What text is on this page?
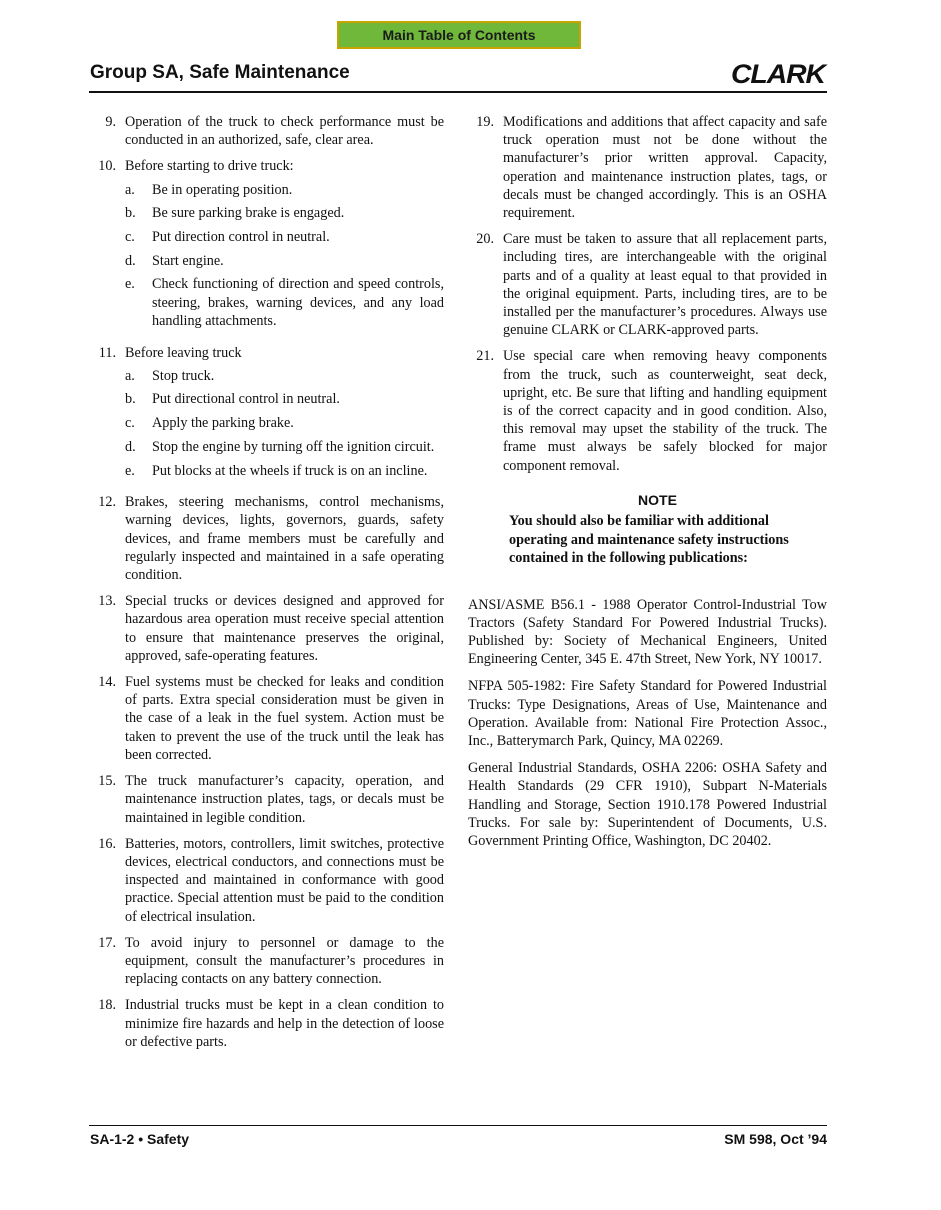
Main Table of Contents
Group SA, Safe Maintenance	CLARK
9. Operation of the truck to check performance must be conducted in an authorized, safe, clear area.
10. Before starting to drive truck:
a.	Be in operating position.
b.	Be sure parking brake is engaged.
c.	Put direction control in neutral.
d.	Start engine.
e.	Check functioning of direction and speed controls, steering, brakes, warning devices, and any load handling attachments.
11. Before leaving truck
a.	Stop truck.
b.	Put directional control in neutral.
c.	Apply the parking brake.
d.	Stop the engine by turning off the ignition circuit.
e.	Put blocks at the wheels if truck is on an incline.
12. Brakes, steering mechanisms, control mechanisms, warning devices, lights, governors, guards, safety devices, and frame members must be carefully and regularly inspected and maintained in a safe operating condition.
13. Special trucks or devices designed and approved for hazardous area operation must receive special attention to ensure that maintenance preserves the original, approved, safe-operating features.
14. Fuel systems must be checked for leaks and condition of parts. Extra special consideration must be given in the case of a leak in the fuel system. Action must be taken to prevent the use of the truck until the leak has been corrected.
15. The truck manufacturer’s capacity, operation, and maintenance instruction plates, tags, or decals must be maintained in legible condition.
16. Batteries, motors, controllers, limit switches, protective devices, electrical conductors, and connections must be inspected and maintained in conformance with good practice. Special attention must be paid to the condition of electrical insulation.
17. To avoid injury to personnel or damage to the equipment, consult the manufacturer’s procedures in replacing contacts on any battery connection.
18. Industrial trucks must be kept in a clean condition to minimize fire hazards and help in the detection of loose or defective parts.
19. Modifications and additions that affect capacity and safe truck operation must not be done without the manufacturer’s prior written approval. Capacity, operation and maintenance instruction plates, tags, or decals must be changed accordingly. This is an OSHA requirement.
20. Care must be taken to assure that all replacement parts, including tires, are interchangeable with the original parts and of a quality at least equal to that provided in the original equipment. Parts, including tires, are to be installed per the manufacturer’s procedures. Always use genuine CLARK or CLARK-approved parts.
21. Use special care when removing heavy components from the truck, such as counterweight, seat deck, upright, etc. Be sure that lifting and handling equipment is of the correct capacity and in good condition. Also, this removal may upset the stability of the truck. The frame must always be safely blocked for major component removal.
NOTE
You should also be familiar with additional operating and maintenance safety instructions contained in the following publications:
ANSI/ASME B56.1 - 1988 Operator Control-Industrial Tow Tractors (Safety Standard For Powered Industrial Trucks). Published by: Society of Mechanical Engineers, United Engineering Center, 345 E. 47th Street, New York, NY 10017.
NFPA 505-1982: Fire Safety Standard for Powered Industrial Trucks: Type Designations, Areas of Use, Maintenance and Operation. Available from: National Fire Protection Assoc., Inc., Batterymarch Park, Quincy, MA 02269.
General Industrial Standards, OSHA 2206: OSHA Safety and Health Standards (29 CFR 1910), Subpart N-Materials Handling and Storage, Section 1910.178 Powered Industrial Trucks. For sale by: Superintendent of Documents, U.S. Government Printing Office, Washington, DC 20402.
SA-1-2 • Safety	SM 598, Oct ’94
